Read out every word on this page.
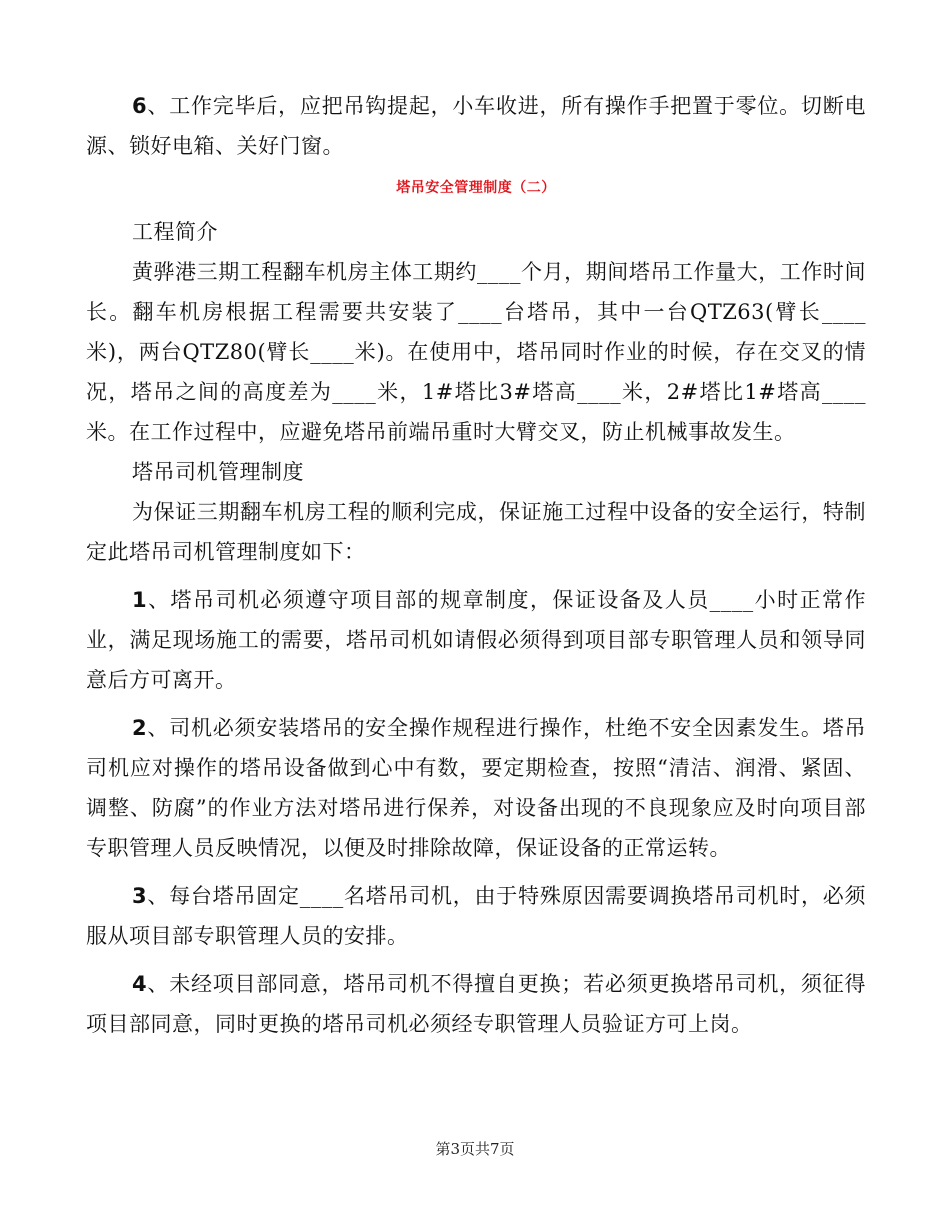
6、工作完毕后，应把吊钩提起，小车收进，所有操作手把置于零位。切断电源、锁好电箱、关好门窗。

塔吊安全管理制度（二）

工程简介

黄骅港三期工程翻车机房主体工期约____个月，期间塔吊工作量大，工作时间长。翻车机房根据工程需要共安装了____台塔吊，其中一台QTZ63(臂长____米)，两台QTZ80(臂长____米)。在使用中，塔吊同时作业的时候，存在交叉的情况，塔吊之间的高度差为____米，1#塔比3#塔高____米，2#塔比1#塔高____米。在工作过程中，应避免塔吊前端吊重时大臂交叉，防止机械事故发生。

塔吊司机管理制度

为保证三期翻车机房工程的顺利完成，保证施工过程中设备的安全运行，特制定此塔吊司机管理制度如下：

1、塔吊司机必须遵守项目部的规章制度，保证设备及人员____小时正常作业，满足现场施工的需要，塔吊司机如请假必须得到项目部专职管理人员和领导同意后方可离开。

2、司机必须安装塔吊的安全操作规程进行操作，杜绝不安全因素发生。塔吊司机应对操作的塔吊设备做到心中有数，要定期检查，按照“清洁、润滑、紧固、调整、防腐”的作业方法对塔吊进行保养，对设备出现的不良现象应及时向项目部专职管理人员反映情况，以便及时排除故障，保证设备的正常运转。

3、每台塔吊固定____名塔吊司机，由于特殊原因需要调换塔吊司机时，必须服从项目部专职管理人员的安排。

4、未经项目部同意，塔吊司机不得擅自更换；若必须更换塔吊司机，须征得项目部同意，同时更换的塔吊司机必须经专职管理人员验证方可上岗。

第3页共7页
